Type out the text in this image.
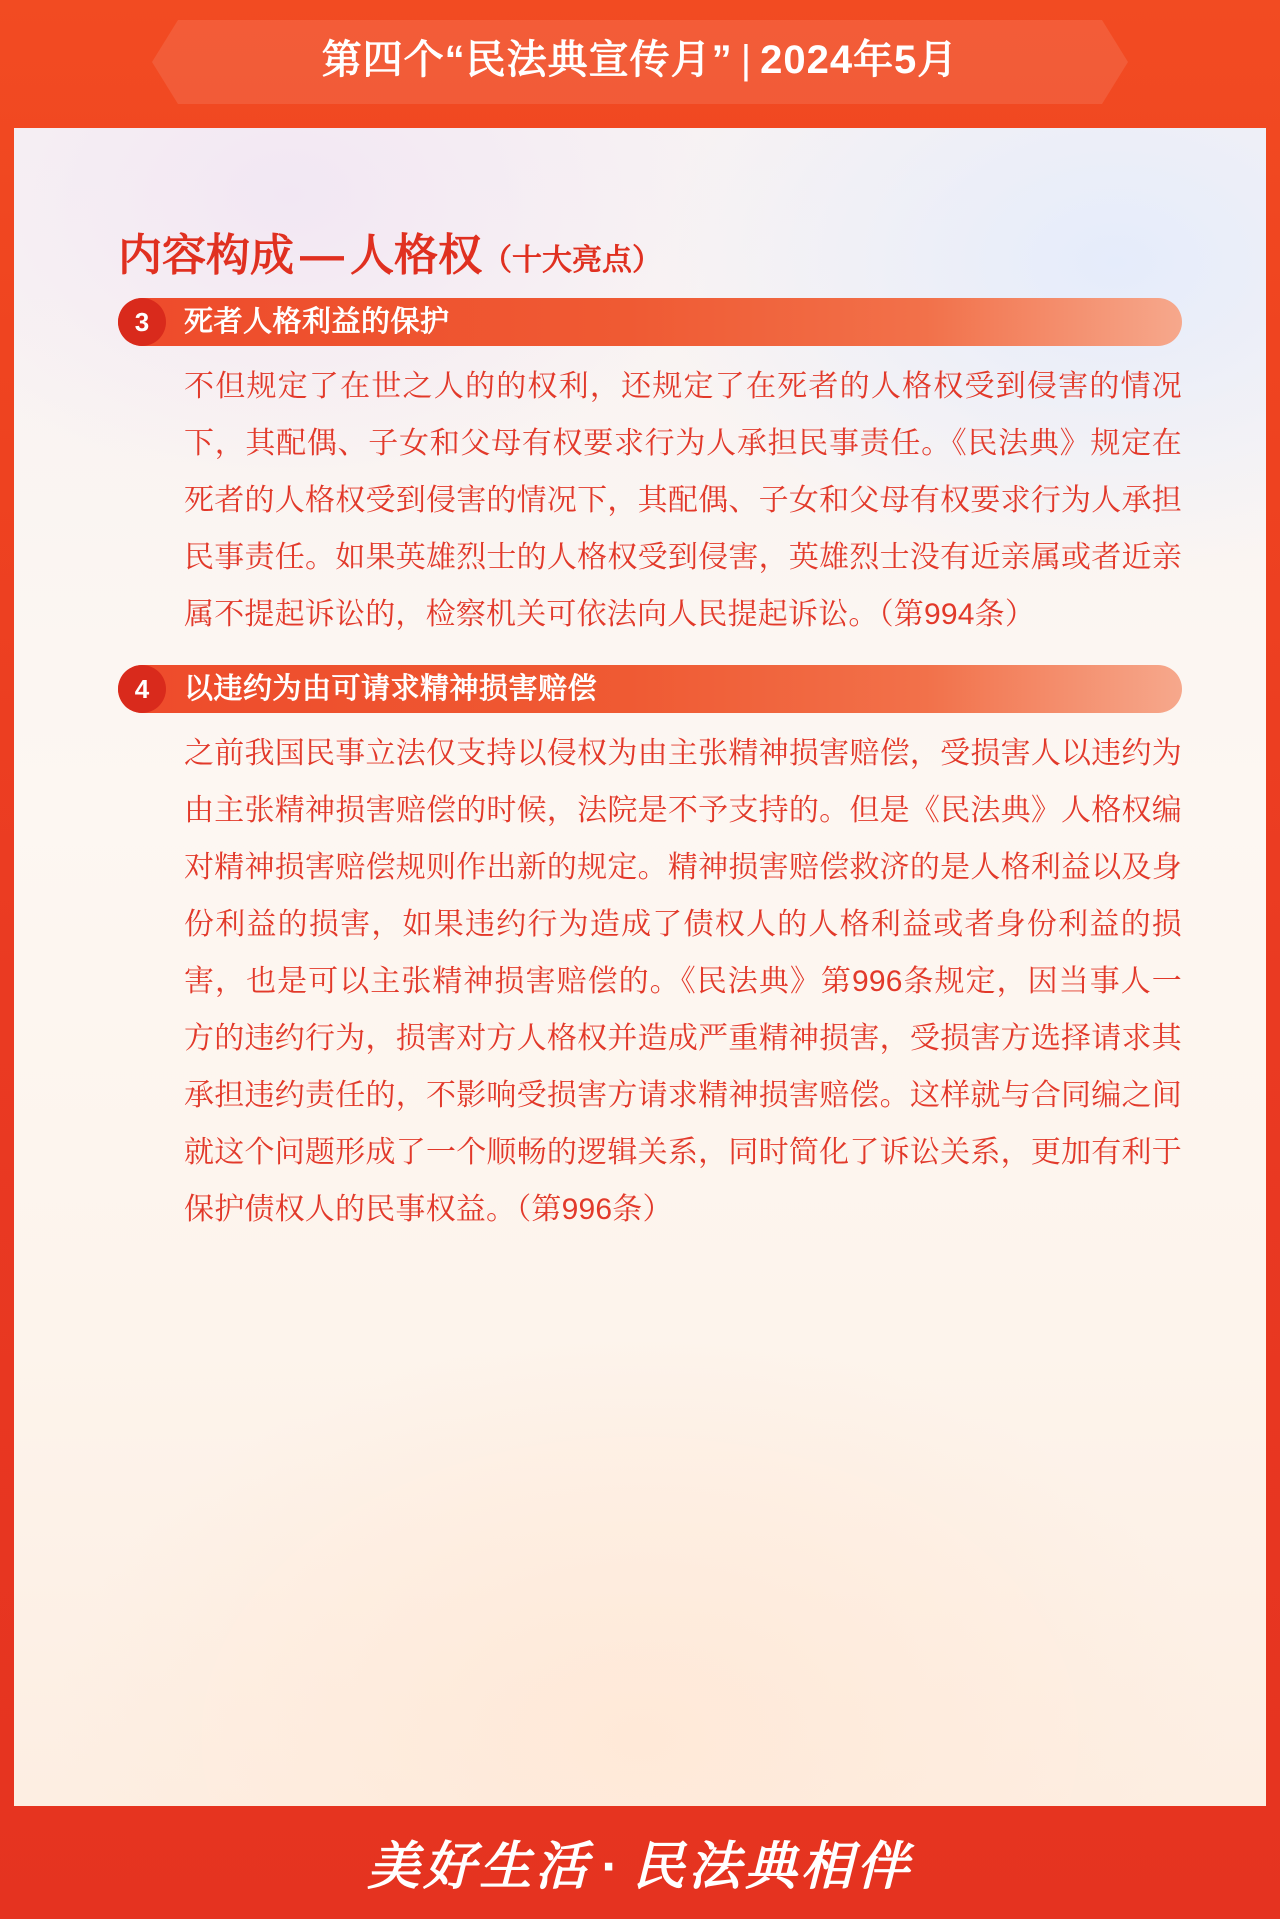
第四个“民法典宣传月” | 2024年5月
内容构成 — 人格权（十大亮点）
3	死者人格利益的保护
不但规定了在世之人的的权利，还规定了在死者的人格权受到侵害的情况下，其配偶、子女和父母有权要求行为人承担民事责任。《民法典》规定在死者的人格权受到侵害的情况下，其配偶、子女和父母有权要求行为人承担民事责任。如果英雄烈士的人格权受到侵害，英雄烈士没有近亲属或者近亲属不提起诉讼的，检察机关可依法向人民提起诉讼。（第994条）
4	以违约为由可请求精神损害赔偿
之前我国民事立法仅支持以侵权为由主张精神损害赔偿，受损害人以违约为由主张精神损害赔偿的时候，法院是不予支持的。但是《民法典》人格权编对精神损害赔偿规则作出新的规定。精神损害赔偿救济的是人格利益以及身份利益的损害，如果违约行为造成了债权人的人格利益或者身份利益的损害，也是可以主张精神损害赔偿的。《民法典》第996条规定，因当事人一方的违约行为，损害对方人格权并造成严重精神损害，受损害方选择请求其承担违约责任的，不影响受损害方请求精神损害赔偿。这样就与合同编之间就这个问题形成了一个顺畅的逻辑关系，同时简化了诉讼关系，更加有利于保护债权人的民事权益。（第996条）
美好生活 · 民法典相伴
